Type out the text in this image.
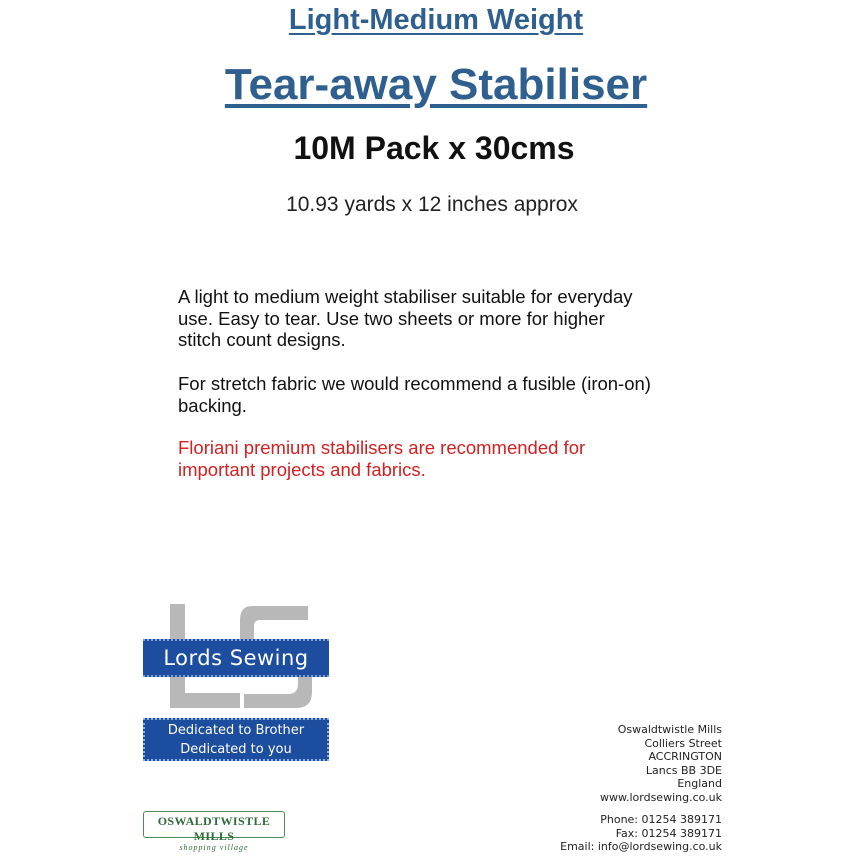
Light-Medium Weight
Tear-away Stabiliser
10M Pack x 30cms
10.93 yards x 12 inches approx
A light to medium weight stabiliser suitable for everyday
use. Easy to tear. Use two sheets or more for higher
stitch count designs.
For stretch fabric we would recommend a fusible (iron-on)
backing.
Floriani premium stabilisers are recommended for
important projects and fabrics.
Lords Sewing
Dedicated to Brother
Dedicated to you
OSWALDTWISTLE MILLS
shopping village
Oswaldtwistle Mills
Colliers Street
ACCRINGTON
Lancs BB 3DE
England
www.lordsewing.co.uk
Phone: 01254 389171
Fax: 01254 389171
Email: info@lordsewing.co.uk
